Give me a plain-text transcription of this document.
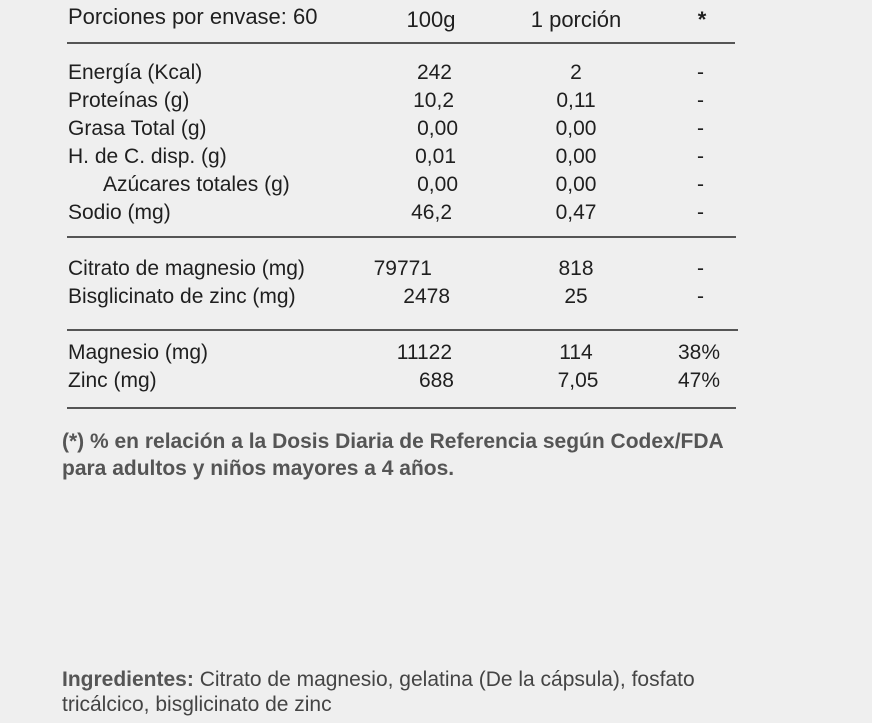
Porciones por envase: 60	100g	1 porción	*
Energía (Kcal)	242	2	-
Proteínas (g)	10,2	0,11	-
Grasa Total (g)	0,00	0,00	-
H. de C. disp. (g)	0,01	0,00	-
Azúcares totales (g)	0,00	0,00	-
Sodio (mg)	46,2	0,47	-
Citrato de magnesio (mg)	79771	818	-
Bisglicinato de zinc (mg)	2478	25	-
Magnesio (mg)	11122	114	38%
Zinc (mg)	688	7,05	47%
(*) % en relación a la Dosis Diaria de Referencia según Codex/FDA
para adultos y niños mayores a 4 años.
Ingredientes: Citrato de magnesio, gelatina (De la cápsula), fosfato
tricálcico, bisglicinato de zinc
